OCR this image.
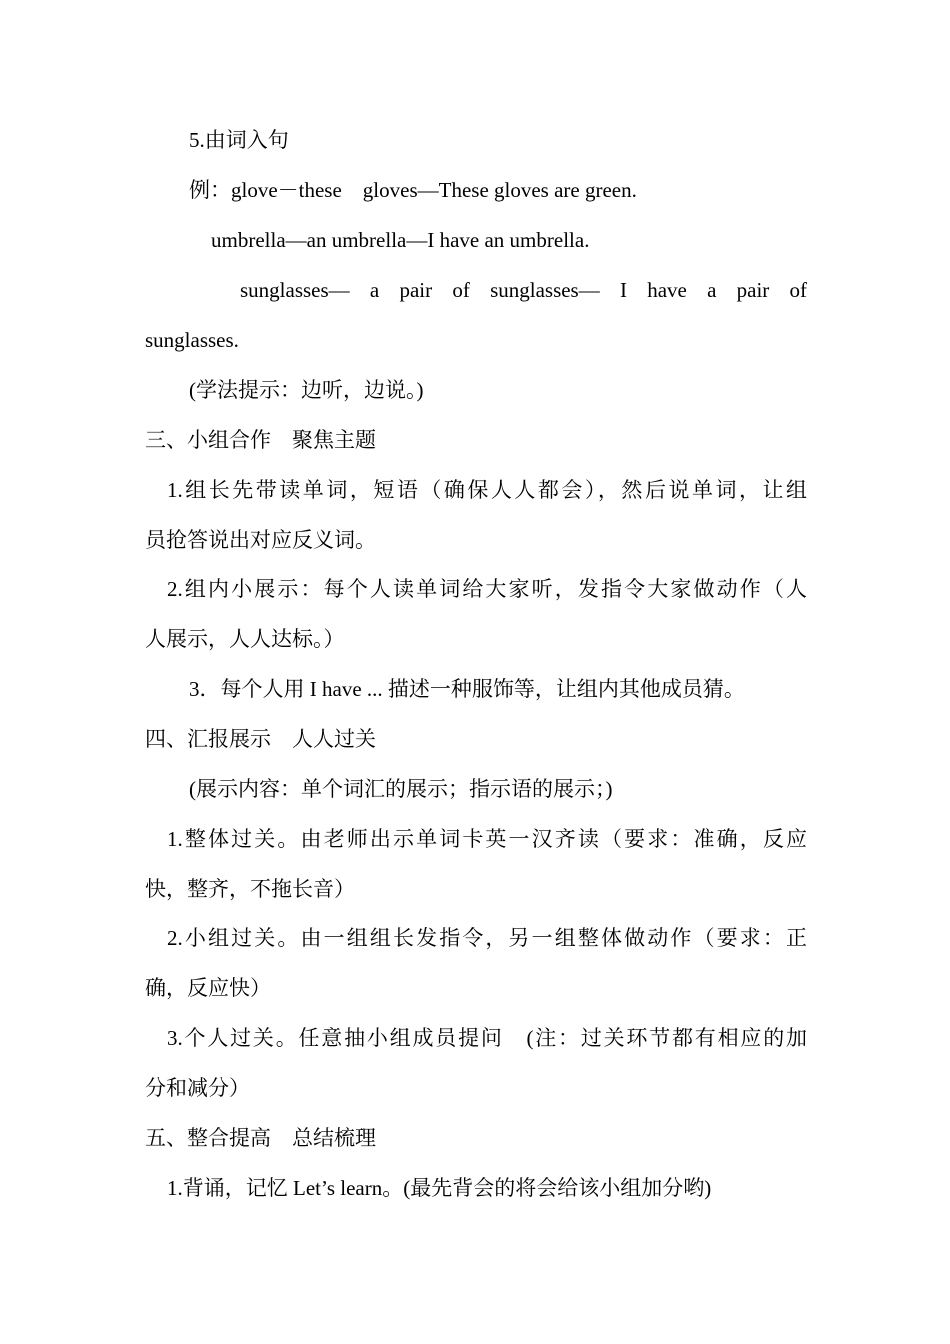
5.由词入句
例：glove－these　gloves—These gloves are green.
umbrella—an umbrella—I have an umbrella.
sunglasses— a pair of sunglasses— I have a pair of
sunglasses.
(学法提示：边听，边说。)
三、小组合作　聚焦主题
1.组长先带读单词，短语（确保人人都会），然后说单词，让组
员抢答说出对应反义词。
2.组内小展示：每个人读单词给大家听，发指令大家做动作（人
人展示，人人达标。）
3．每个人用 I have ... 描述一种服饰等，让组内其他成员猜。
四、汇报展示　人人过关
(展示内容：单个词汇的展示；指示语的展示；)
1.整体过关。由老师出示单词卡英一汉齐读（要求：准确，反应
快，整齐，不拖长音）
2.小组过关。由一组组长发指令，另一组整体做动作（要求：正
确，反应快）
3.个人过关。任意抽小组成员提问　(注：过关环节都有相应的加
分和减分）
五、整合提高　总结梳理
1.背诵，记忆 Let’s learn。(最先背会的将会给该小组加分哟)
